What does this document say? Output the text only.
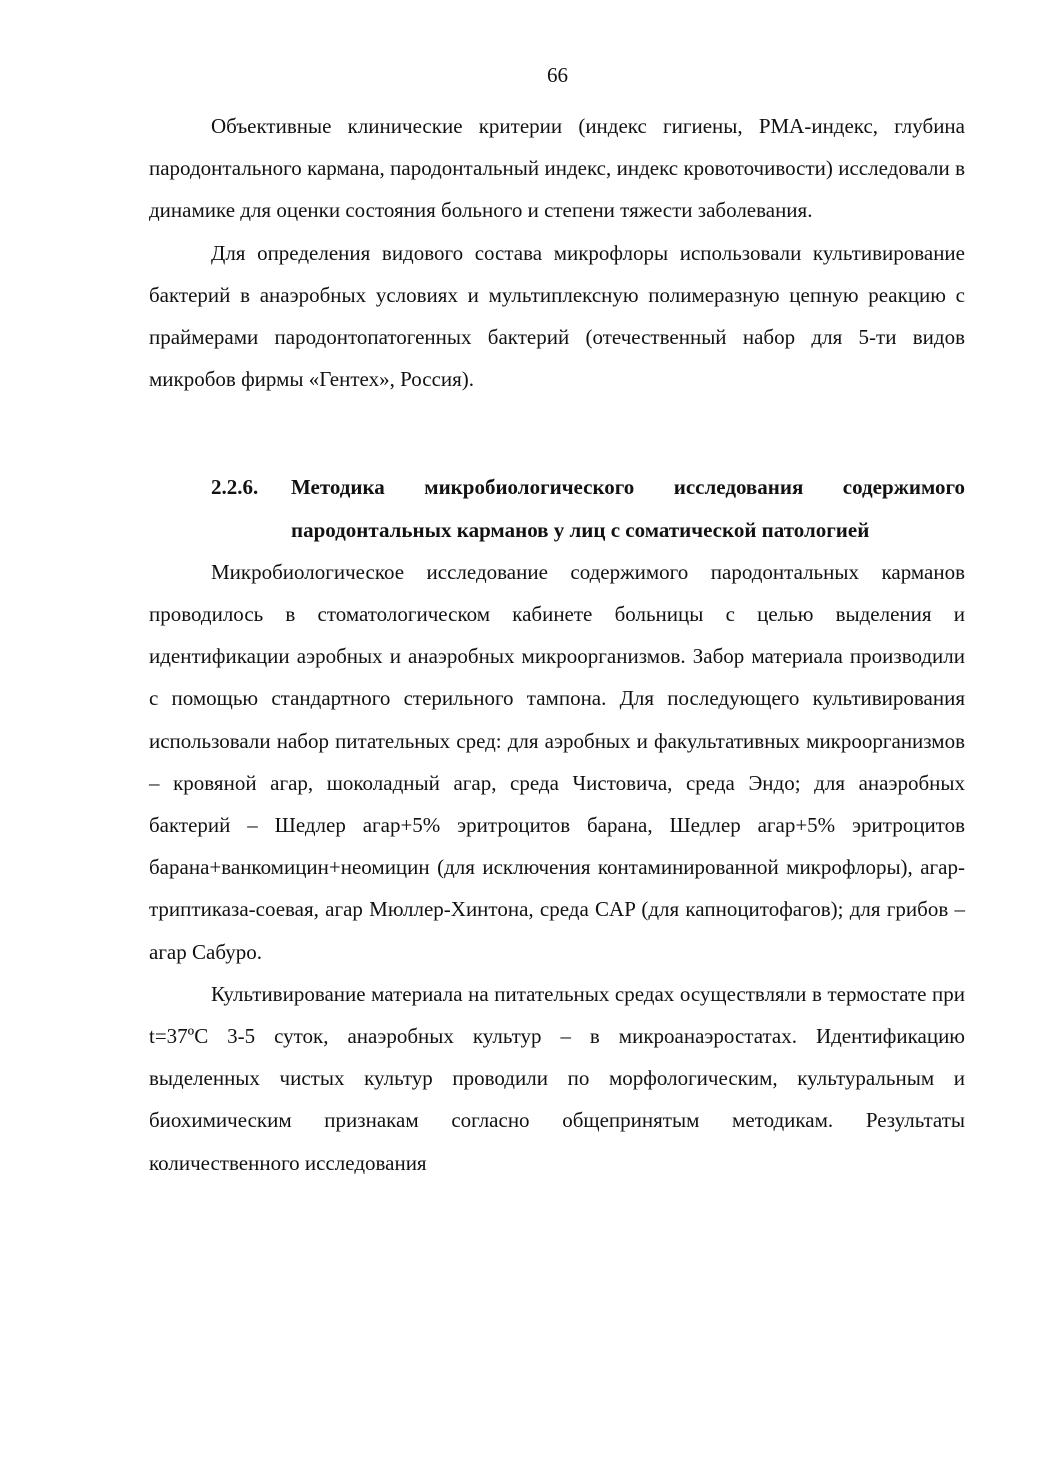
66

Объективные клинические критерии (индекс гигиены, PMA-индекс, глубина пародонтального кармана, пародонтальный индекс, индекс кровоточивости) исследовали в динамике для оценки состояния больного и степени тяжести заболевания.

Для определения видового состава микрофлоры использовали культивирование бактерий в анаэробных условиях и мультиплексную полимеразную цепную реакцию с праймерами пародонтопатогенных бактерий (отечественный набор для 5-ти видов микробов фирмы «Гентех», Россия).

2.2.6. Методика микробиологического исследования содержимого пародонтальных карманов у лиц с соматической патологией

Микробиологическое исследование содержимого пародонтальных карманов проводилось в стоматологическом кабинете больницы с целью выделения и идентификации аэробных и анаэробных микроорганизмов. Забор материала производили с помощью стандартного стерильного тампона. Для последующего культивирования использовали набор питательных сред: для аэробных и факультативных микроорганизмов – кровяной агар, шоколадный агар, среда Чистовича, среда Эндо; для анаэробных бактерий – Шедлер агар+5% эритроцитов барана, Шедлер агар+5% эритроцитов барана+ванкомицин+неомицин (для исключения контаминированной микрофлоры), агар-триптиказа-соевая, агар Мюллер-Хинтона, среда CAP (для капноцитофагов); для грибов – агар Сабуро.

Культивирование материала на питательных средах осуществляли в термостате при t=37ºC 3-5 суток, анаэробных культур – в микроанаэростатах. Идентификацию выделенных чистых культур проводили по морфологическим, культуральным и биохимическим признакам согласно общепринятым методикам. Результаты количественного исследования
